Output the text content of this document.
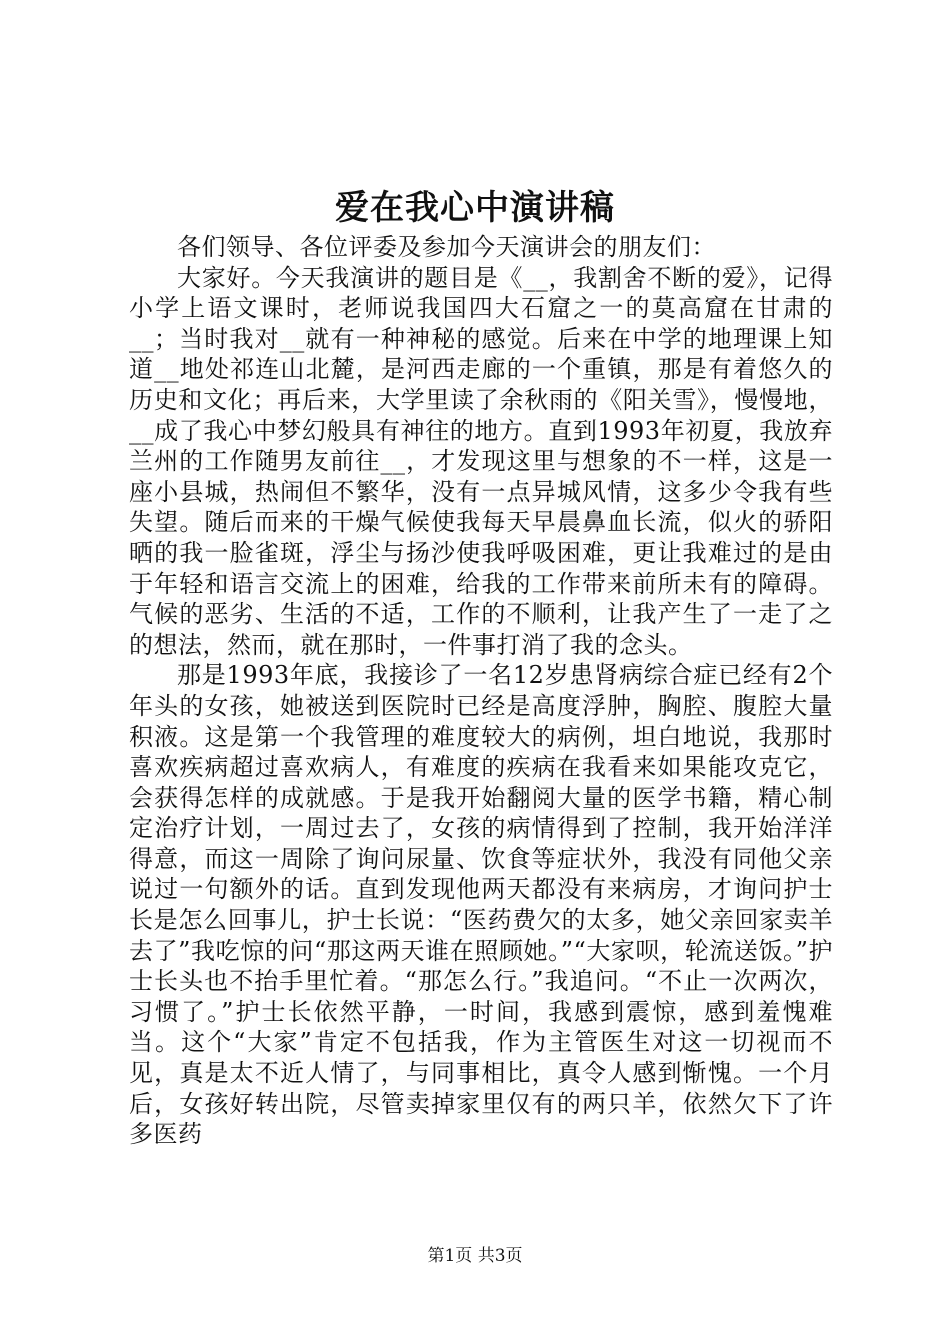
爱在我心中演讲稿

各们领导、各位评委及参加今天演讲会的朋友们：

大家好。今天我演讲的题目是《__，我割舍不断的爱》，记得小学上语文课时，老师说我国四大石窟之一的莫高窟在甘肃的__；当时我对__就有一种神秘的感觉。后来在中学的地理课上知道__地处祁连山北麓，是河西走廊的一个重镇，那是有着悠久的历史和文化；再后来，大学里读了余秋雨的《阳关雪》，慢慢地，__成了我心中梦幻般具有神往的地方。直到1993年初夏，我放弃兰州的工作随男友前往__，才发现这里与想象的不一样，这是一座小县城，热闹但不繁华，没有一点异城风情，这多少令我有些失望。随后而来的干燥气候使我每天早晨鼻血长流，似火的骄阳晒的我一脸雀斑，浮尘与扬沙使我呼吸困难，更让我难过的是由于年轻和语言交流上的困难，给我的工作带来前所未有的障碍。气候的恶劣、生活的不适，工作的不顺利，让我产生了一走了之的想法，然而，就在那时，一件事打消了我的念头。

那是1993年底，我接诊了一名12岁患肾病综合症已经有2个年头的女孩，她被送到医院时已经是高度浮肿，胸腔、腹腔大量积液。这是第一个我管理的难度较大的病例，坦白地说，我那时喜欢疾病超过喜欢病人，有难度的疾病在我看来如果能攻克它，会获得怎样的成就感。于是我开始翻阅大量的医学书籍，精心制定治疗计划，一周过去了，女孩的病情得到了控制，我开始洋洋得意，而这一周除了询问尿量、饮食等症状外，我没有同他父亲说过一句额外的话。直到发现他两天都没有来病房，才询问护士长是怎么回事儿，护士长说：“医药费欠的太多，她父亲回家卖羊去了”我吃惊的问“那这两天谁在照顾她。”“大家呗，轮流送饭。”护士长头也不抬手里忙着。“那怎么行。”我追问。“不止一次两次，习惯了。”护士长依然平静，一时间，我感到震惊，感到羞愧难当。这个“大家”肯定不包括我，作为主管医生对这一切视而不见，真是太不近人情了，与同事相比，真令人感到惭愧。一个月后，女孩好转出院，尽管卖掉家里仅有的两只羊，依然欠下了许多医药

第1页 共3页
